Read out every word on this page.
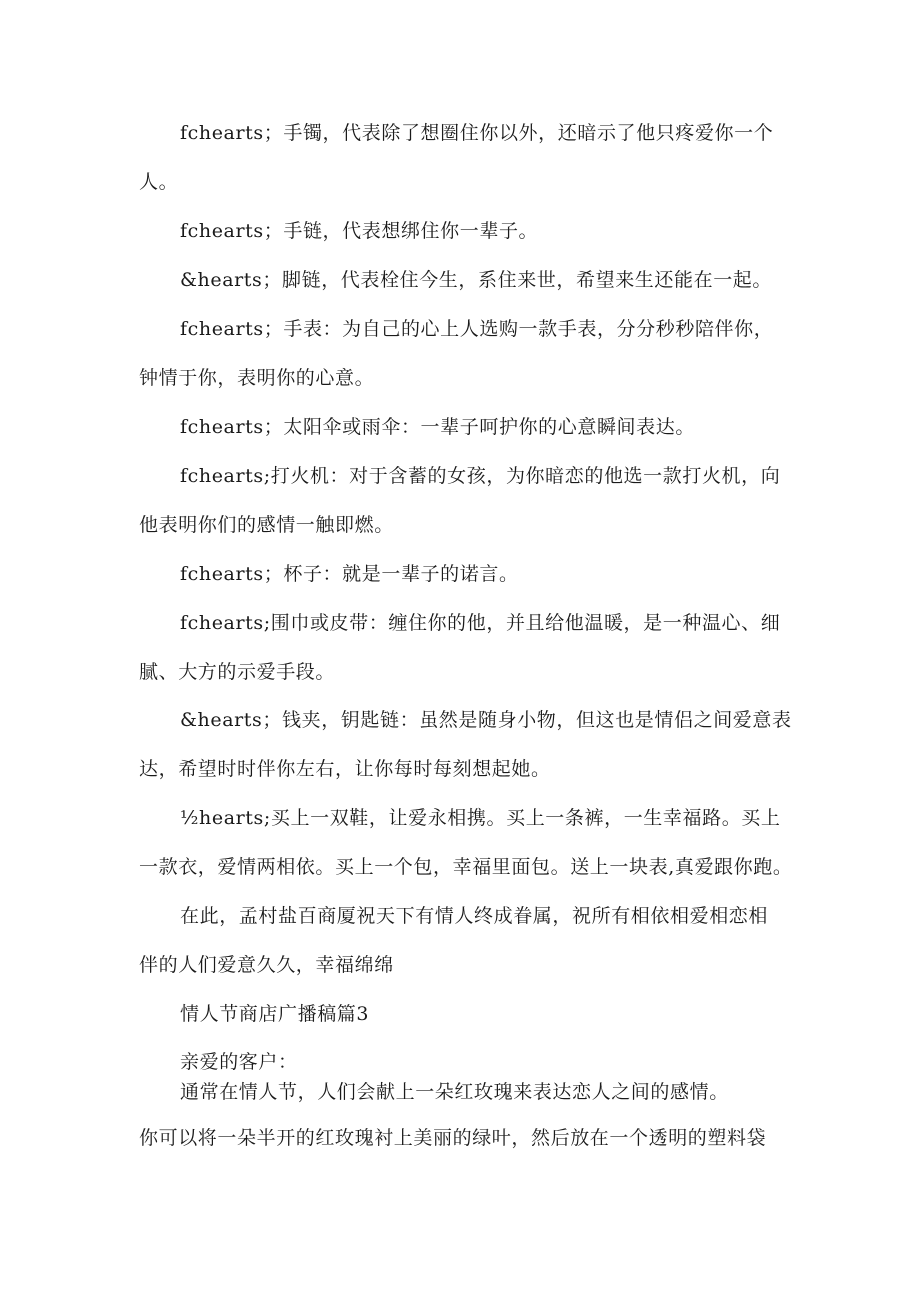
fchearts；手镯，代表除了想圈住你以外，还暗示了他只疼爱你一个
人。
fchearts；手链，代表想绑住你一辈子。
&hearts；脚链，代表栓住今生，系住来世，希望来生还能在一起。
fchearts；手表：为自己的心上人选购一款手表，分分秒秒陪伴你，
钟情于你，表明你的心意。
fchearts；太阳伞或雨伞：一辈子呵护你的心意瞬间表达。
fchearts;打火机：对于含蓄的女孩，为你暗恋的他选一款打火机，向
他表明你们的感情一触即燃。
fchearts；杯子：就是一辈子的诺言。
fchearts;围巾或皮带：缠住你的他，并且给他温暖，是一种温心、细
腻、大方的示爱手段。
&hearts；钱夹，钥匙链：虽然是随身小物，但这也是情侣之间爱意表
达，希望时时伴你左右，让你每时每刻想起她。
½hearts;买上一双鞋，让爱永相携。买上一条裤，一生幸福路。买上
一款衣，爱情两相依。买上一个包，幸福里面包。送上一块表,真爱跟你跑。
在此，孟村盐百商厦祝天下有情人终成眷属，祝所有相依相爱相恋相
伴的人们爱意久久，幸福绵绵
情人节商店广播稿篇3
亲爱的客户：
通常在情人节，人们会献上一朵红玫瑰来表达恋人之间的感情。
你可以将一朵半开的红玫瑰衬上美丽的绿叶，然后放在一个透明的塑料袋
